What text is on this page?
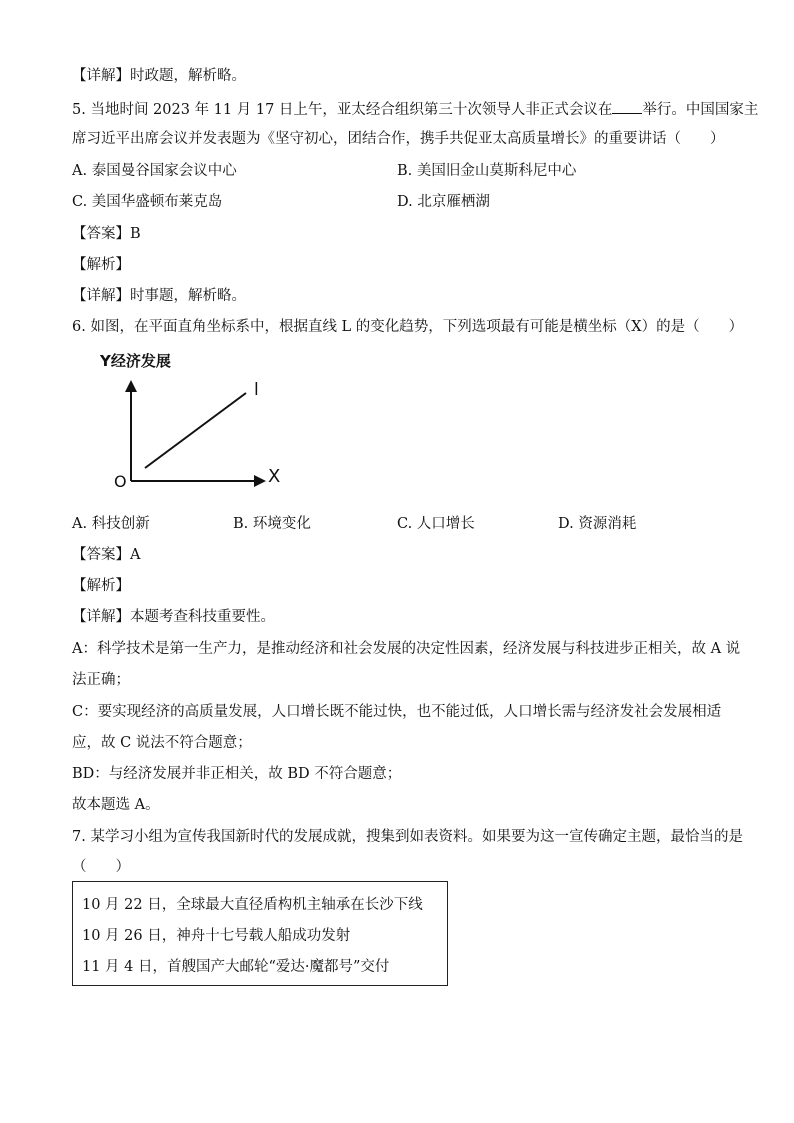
【详解】时政题，解析略。
5. 当地时间 2023 年 11 月 17 日上午，亚太经合组织第三十次领导人非正式会议在 举行。中国国家主
席习近平出席会议并发表题为《坚守初心，团结合作，携手共促亚太高质量增长》的重要讲话（　　）
A. 泰国曼谷国家会议中心	B. 美国旧金山莫斯科尼中心
C. 美国华盛顿布莱克岛	D. 北京雁栖湖
【答案】B
【解析】
【详解】时事题，解析略。
6. 如图，在平面直角坐标系中，根据直线 L 的变化趋势，下列选项最有可能是横坐标（X）的是（　　）
Y经济发展
O	X
l
A. 科技创新	B. 环境变化	C. 人口增长	D. 资源消耗
【答案】A
【解析】
【详解】本题考查科技重要性。
A：科学技术是第一生产力，是推动经济和社会发展的决定性因素，经济发展与科技进步正相关，故 A 说
法正确；
C：要实现经济的高质量发展，人口增长既不能过快，也不能过低，人口增长需与经济发社会发展相适
应，故 C 说法不符合题意；
BD：与经济发展并非正相关，故 BD 不符合题意；
故本题选 A。
7. 某学习小组为宣传我国新时代的发展成就，搜集到如表资料。如果要为这一宣传确定主题，最恰当的是
（　　）
10 月 22 日，全球最大直径盾构机主轴承在长沙下线
10 月 26 日，神舟十七号载人船成功发射
11 月 4 日，首艘国产大邮轮“爱达·魔都号”交付
